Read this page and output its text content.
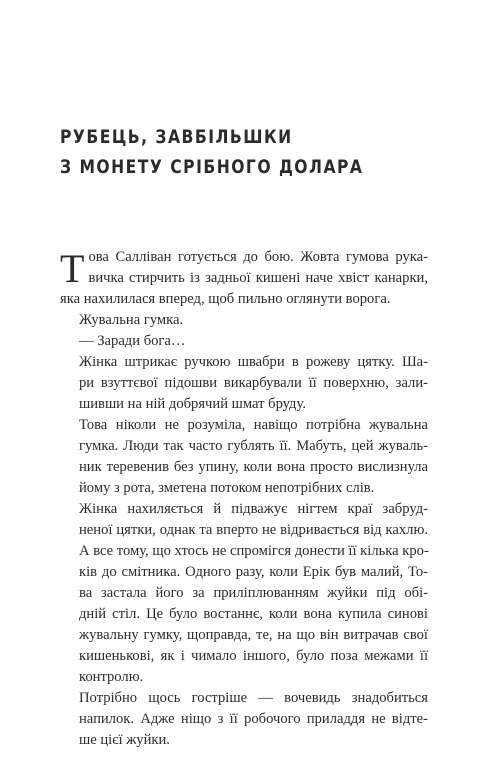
РУБЕЦЬ, ЗАВБІЛЬШКИ
З МОНЕТУ СРІБНОГО ДОЛАРА

Т ова Салліван готується до бою. Жовта гумова рука-
вичка стирчить із задньої кишені наче хвіст канарки,
яка нахилилася вперед, щоб пильно оглянути ворога.

Жувальна гумка.

— Заради бога…

Жінка штрикає ручкою швабри в рожеву цятку. Ша-
ри взуттєвої підошви викарбували її поверхню, зали-
шивши на ній добрячий шмат бруду.

Това ніколи не розуміла, навіщо потрібна жувальна
гумка. Люди так часто гублять її. Мабуть, цей жуваль-
ник теревенив без упину, коли вона просто вислизнула
йому з рота, зметена потоком непотрібних слів.

Жінка нахиляється й підважує нігтем краї забруд-
неної цятки, однак та вперто не відривається від кахлю.
А все тому, що хтось не спромігся донести її кілька кро-
ків до смітника. Одного разу, коли Ерік був малий, То-
ва застала його за приліплюванням жуйки під обі-
дній стіл. Це було востаннє, коли вона купила синові
жувальну гумку, щоправда, те, на що він витрачав свої
кишенькові, як і чимало іншого, було поза межами її
контролю.

Потрібно щось гостріше — вочевидь знадобиться
напилок. Адже ніщо з її робочого приладдя не відте-
ше цієї жуйки.
